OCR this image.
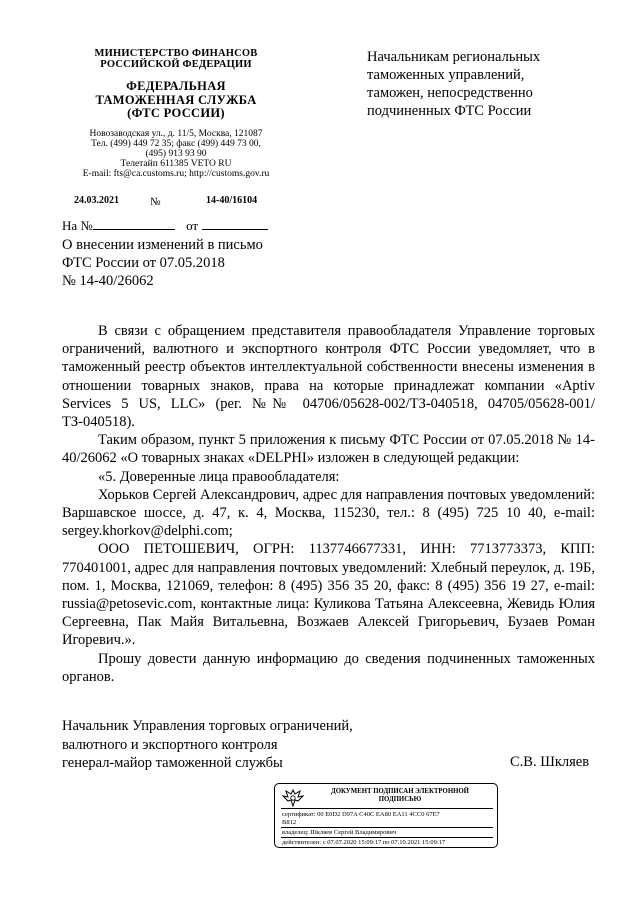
МИНИСТЕРСТВО ФИНАНСОВ
РОССИЙСКОЙ ФЕДЕРАЦИИ
ФЕДЕРАЛЬНАЯ
ТАМОЖЕННАЯ СЛУЖБА
(ФТС РОССИИ)
Новозаводская ул., д. 11/5, Москва, 121087
Тел. (499) 449 72 35; факс (499) 449 73 00,
(495) 913 93 90
Телетайп 611385 VETO RU
E-mail: fts@ca.customs.ru; http://customs.gov.ru
24.03.2021	№	14-40/16104
На №	от
О внесении изменений в письмо
ФТС России от 07.05.2018
№ 14-40/26062
Начальникам региональных
таможенных управлений,
таможен, непосредственно
подчиненных ФТС России

В связи с обращением представителя правообладателя Управление торговых ограничений, валютного и экспортного контроля ФТС России уведомляет, что в таможенный реестр объектов интеллектуальной собственности внесены изменения в отношении товарных знаков, права на которые принадлежат компании «Aptiv Services 5 US, LLC» (рег. №№ 04706/05628-002/ТЗ-040518, 04705/05628-001/ТЗ-040518).

Таким образом, пункт 5 приложения к письму ФТС России от 07.05.2018 № 14-40/26062 «О товарных знаках «DELPHI» изложен в следующей редакции:

«5. Доверенные лица правообладателя:

Хорьков Сергей Александрович, адрес для направления почтовых уведомлений: Варшавское шоссе, д. 47, к. 4, Москва, 115230, тел.: 8 (495) 725 10 40, e-mail: sergey.khorkov@delphi.com;

ООО ПЕТОШЕВИЧ, ОГРН: 1137746677331, ИНН: 7713773373, КПП: 770401001, адрес для направления почтовых уведомлений: Хлебный переулок, д. 19Б, пом. 1, Москва, 121069, телефон: 8 (495) 356 35 20, факс: 8 (495) 356 19 27, e-mail: russia@petosevic.com, контактные лица: Куликова Татьяна Алексеевна, Жевидь Юлия Сергеевна, Пак Майя Витальевна, Возжаев Алексей Григорьевич, Бузаев Роман Игоревич.».

Прошу довести данную информацию до сведения подчиненных таможенных органов.

Начальник Управления торговых ограничений,
валютного и экспортного контроля
генерал-майор таможенной службы	С.В. Шкляев
ДОКУМЕНТ ПОДПИСАН ЭЛЕКТРОННОЙ
ПОДПИСЬЮ
сертификат: 00 E0D2 D97A C40C EA80 EA11 4CC0 67E7
B812
владелец: Шкляев Сергей Владимирович
действителен: с 07.07.2020 15:09:17 по 07.10.2021 15:09:17
